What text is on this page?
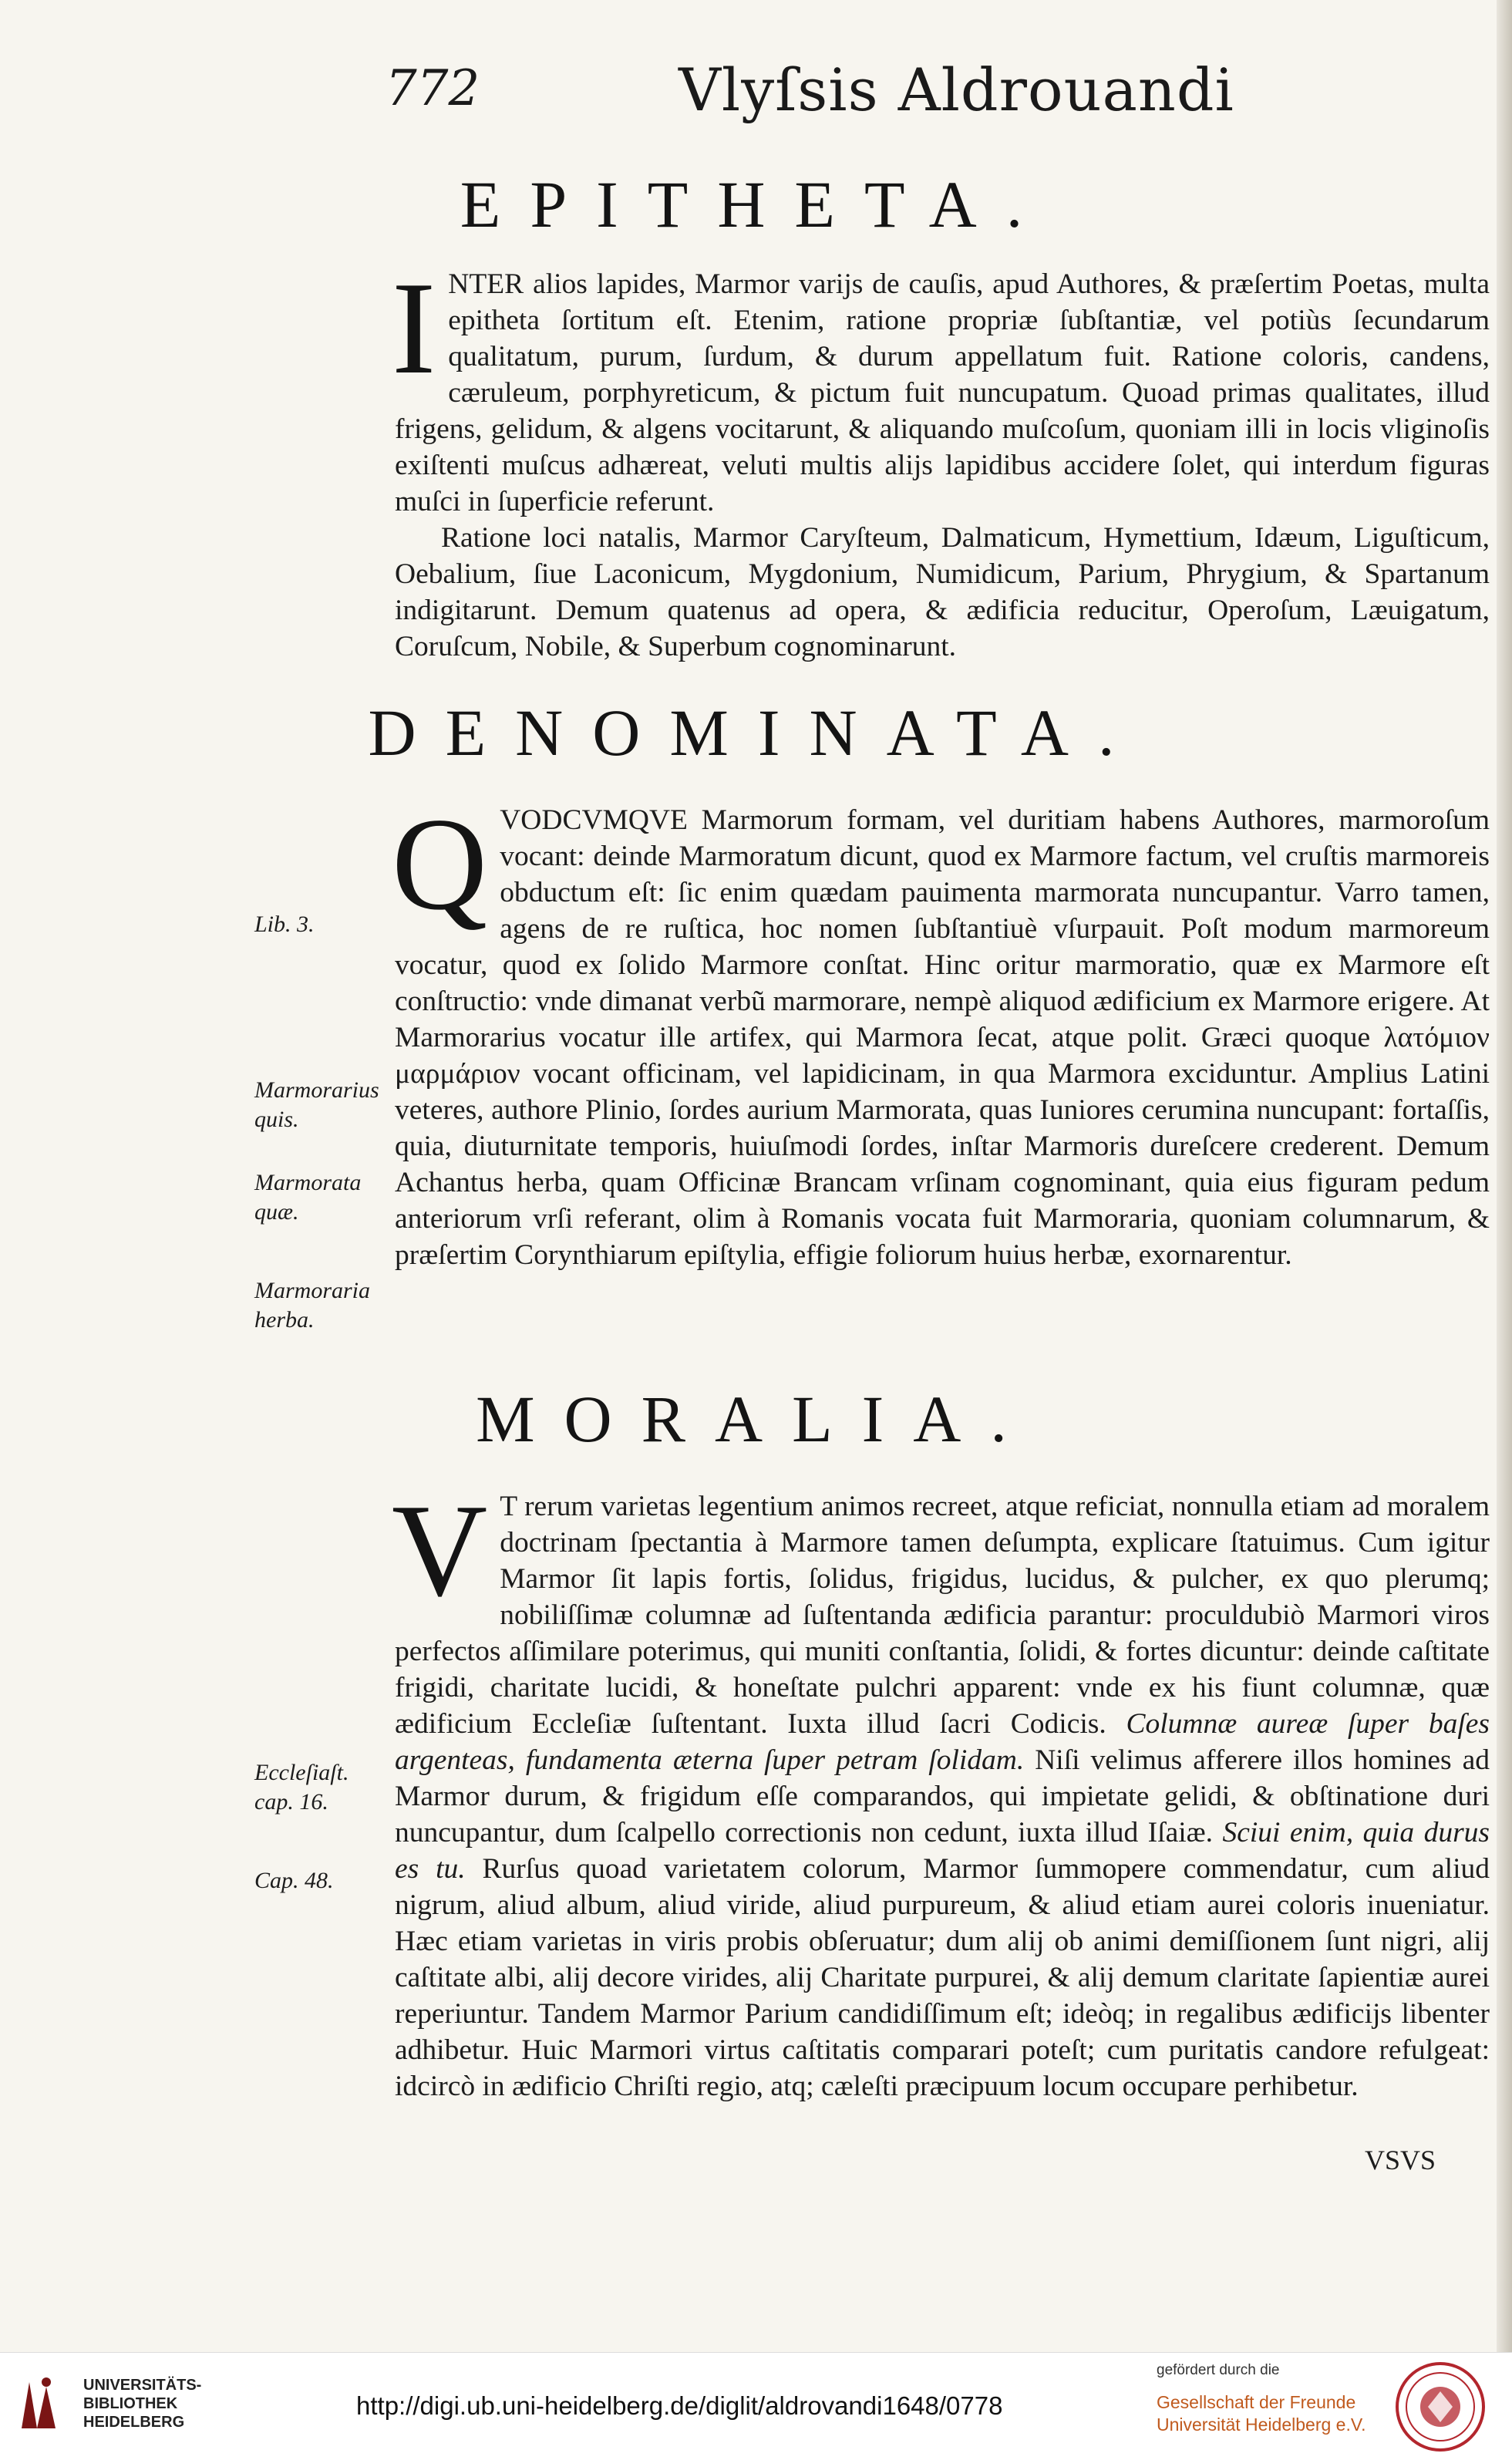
772	Vlyſsis Aldrouandi
EPITHETA.

INTER alios lapides, Marmor varijs de cauſis, apud Authores, & præſertim Poetas, multa epitheta ſortitum eſt. Etenim, ratione propriæ ſubſtantiæ, vel potiùs ſecundarum qualitatum, purum, ſurdum, & durum appellatum fuit. Ratione coloris, candens, cæruleum, porphyreticum, & pictum fuit nuncupatum. Quoad primas qualitates, illud frigens, gelidum, & algens vocitarunt, & aliquando muſcoſum, quoniam illi in locis vliginoſis exiſtenti muſcus adhæreat, veluti multis alijs lapidibus accidere ſolet, qui interdum figuras muſci in ſuperficie referunt.

Ratione loci natalis, Marmor Caryſteum, Dalmaticum, Hymettium, Idæum, Liguſticum, Oebalium, ſiue Laconicum, Mygdonium, Numidicum, Parium, Phrygium, & Spartanum indigitarunt. Demum quatenus ad opera, & ædificia reducitur, Operoſum, Læuigatum, Coruſcum, Nobile, & Superbum cognominarunt.

DENOMINATA.

QVODCVMQVE Marmorum formam, vel duritiam habens Authores, marmoroſum vocant: deinde Marmoratum dicunt, quod ex Marmore factum, vel cruſtis marmoreis obductum eſt: ſic enim quædam pauimenta marmorata nuncupantur. Varro tamen, agens de re ruſtica, hoc nomen ſubſtantiuè vſurpauit. Poſt modum marmoreum vocatur, quod ex ſolido Marmore conſtat. Hinc oritur marmoratio, quæ ex Marmore eſt conſtructio: vnde dimanat verbũ marmorare, nempè aliquod ædificium ex Marmore erigere. At Marmorarius vocatur ille artifex, qui Marmora ſecat, atque polit. Græci quoque λατόμιον μαρμάριον vocant officinam, vel lapidicinam, in qua Marmora exciduntur. Amplius Latini veteres, authore Plinio, ſordes aurium Marmorata, quas Iuniores cerumina nuncupant: fortaſſis, quia, diuturnitate temporis, huiuſmodi ſordes, inſtar Marmoris dureſcere crederent. Demum Achantus herba, quam Officinæ Brancam vrſinam cognominant, quia eius figuram pedum anteriorum vrſi referant, olim à Romanis vocata fuit Marmoraria, quoniam columnarum, & præſertim Corynthiarum epiſtylia, effigie foliorum huius herbæ, exornarentur.

MORALIA.

V T rerum varietas legentium animos recreet, atque reficiat, nonnulla etiam ad moralem doctrinam ſpectantia à Marmore tamen deſumpta, explicare ſtatuimus. Cum igitur Marmor ſit lapis fortis, ſolidus, frigidus, lucidus, & pulcher, ex quo plerumq; nobiliſſimæ columnæ ad ſuſtentanda ædificia parantur: proculdubiò Marmori viros perfectos aſſimilare poterimus, qui muniti conſtantia, ſolidi, & fortes dicuntur: deinde caſtitate frigidi, charitate lucidi, & honeſtate pulchri apparent: vnde ex his fiunt columnæ, quæ ædificium Eccleſiæ ſuſtentant. Iuxta illud ſacri Codicis. Columnæ aureæ ſuper baſes argenteas, fundamenta æterna ſuper petram ſolidam. Niſi velimus afferere illos homines ad Marmor durum, & frigidum eſſe comparandos, qui impietate gelidi, & obſtinatione duri nuncupantur, dum ſcalpello correctionis non cedunt, iuxta illud Iſaiæ. Sciui enim, quia durus es tu. Rurſus quoad varietatem colorum, Marmor ſummopere commendatur, cum aliud nigrum, aliud album, aliud viride, aliud purpureum, & aliud etiam aurei coloris inueniatur. Hæc etiam varietas in viris probis obſeruatur; dum alij ob animi demiſſionem ſunt nigri, alij caſtitate albi, alij decore virides, alij Charitate purpurei, & alij demum claritate ſapientiæ aurei reperiuntur. Tandem Marmor Parium candidiſſimum eſt; ideòq; in regalibus ædificijs libenter adhibetur. Huic Marmori virtus caſtitatis comparari poteſt; cum puritatis candore refulgeat: idcircò in ædificio Chriſti regio, atq; cæleſti præcipuum locum occupare perhibetur.

Lib. 3.
Marmorarius quis.
Marmorata quæ.
Marmoraria herba.
Eccleſiaſt. cap. 16.
Cap. 48.
VSVS
UNIVERSITÄTS-
BIBLIOTHEK
HEIDELBERG
http://digi.ub.uni-heidelberg.de/diglit/aldrovandi1648/0778
gefördert durch die
Gesellschaft der Freunde
Universität Heidelberg e.V.
